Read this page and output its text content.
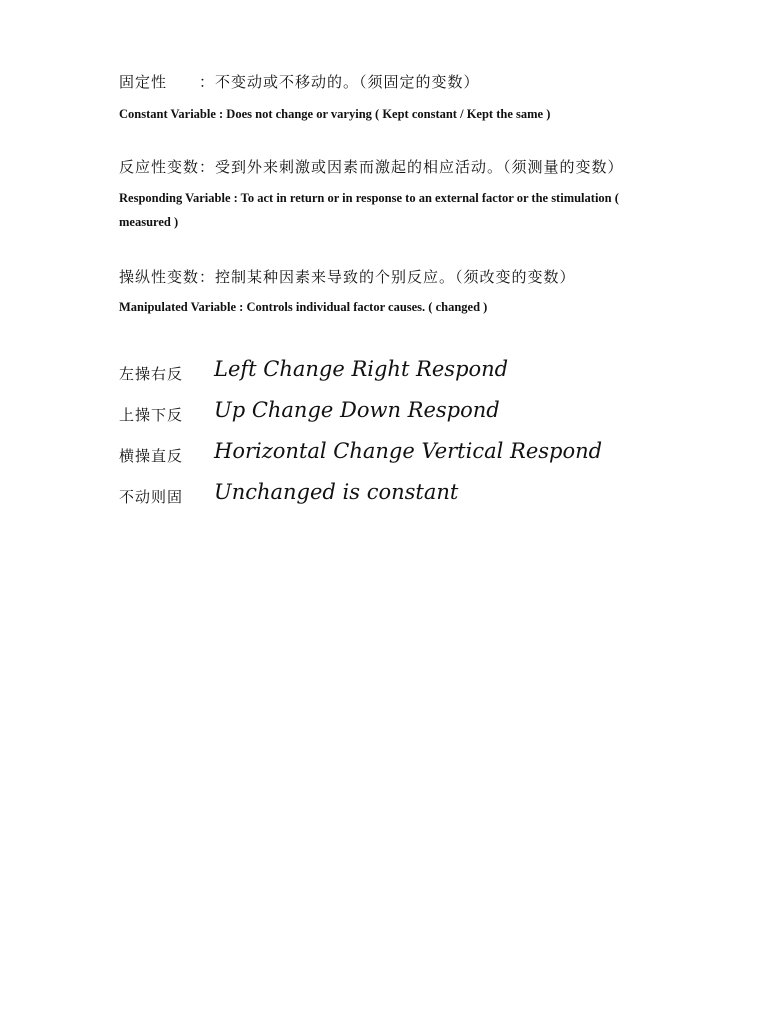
固定性　　：不变动或不移动的。（须固定的变数）
Constant Variable : Does not change or varying ( Kept constant / Kept the same )
反应性变数：受到外来刺激或因素而激起的相应活动。（须测量的变数）
Responding Variable : To act in return or in response to an external factor or the stimulation ( measured )
操纵性变数：控制某种因素来导致的个别反应。（须改变的变数）
Manipulated Variable : Controls individual factor causes. ( changed )
左操右反 Left Change Right Respond
上操下反 Up Change Down Respond
横操直反 Horizontal Change Vertical Respond
不动则固 Unchanged is constant
